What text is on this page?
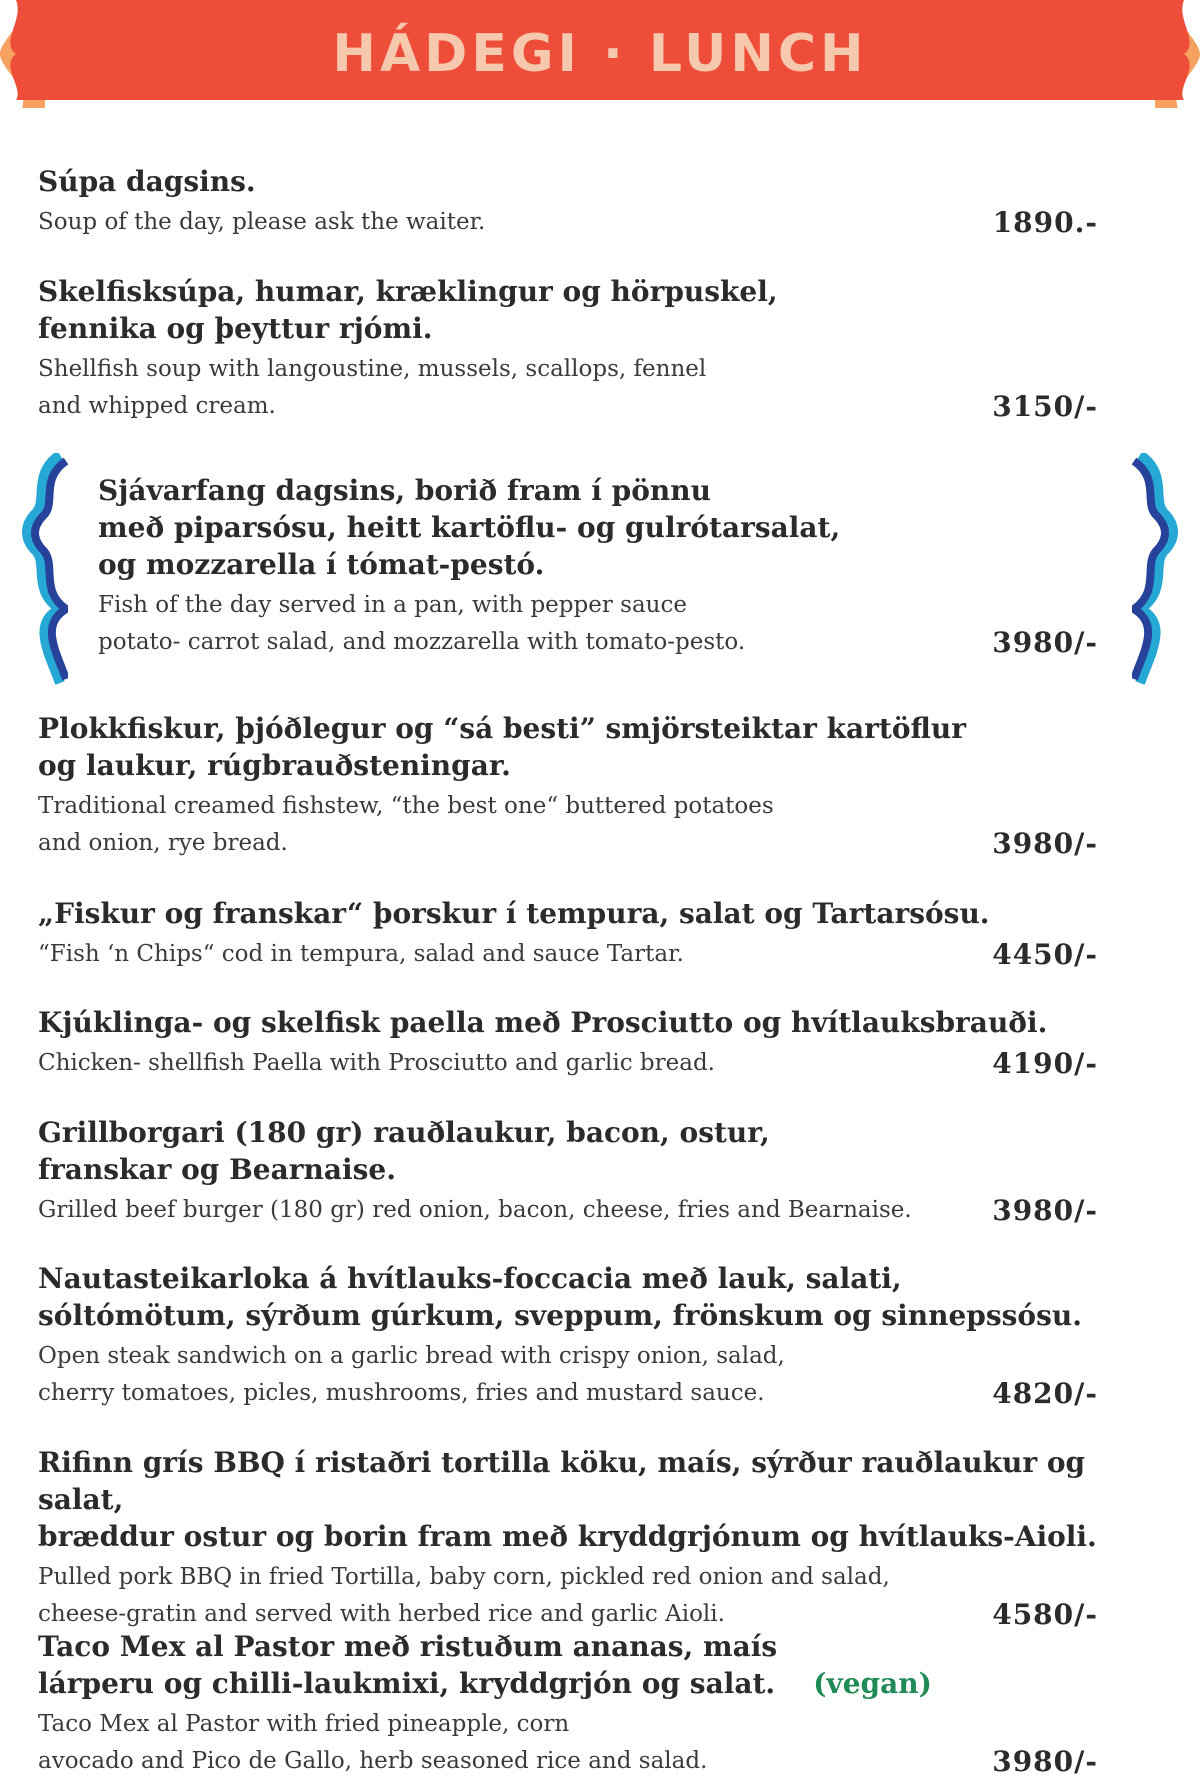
HÁDEGI · LUNCH
Súpa dagsins.
Soup of the day, please ask the waiter.	1890.-
Skelfisksúpa, humar, kræklingur og hörpuskel,
fennika og þeyttur rjómi.
Shellfish soup with langoustine, mussels, scallops, fennel
and whipped cream.	3150/-
Sjávarfang dagsins, borið fram í pönnu
með piparsósu, heitt kartöflu- og gulrótarsalat,
og mozzarella í tómat-pestó.
Fish of the day served in a pan, with pepper sauce
potato- carrot salad, and mozzarella with tomato-pesto.	3980/-
Plokkfiskur, þjóðlegur og “sá besti” smjörsteiktar kartöflur
og laukur, rúgbrauðsteningar.
Traditional creamed fishstew, “the best one“ buttered potatoes
and onion, rye bread.	3980/-
„Fiskur og franskar“ þorskur í tempura, salat og Tartarsósu.
“Fish ‘n Chips“ cod in tempura, salad and sauce Tartar.	4450/-
Kjúklinga- og skelfisk paella með Prosciutto og hvítlauksbrauði.
Chicken- shellfish Paella with Prosciutto and garlic bread.	4190/-
Grillborgari (180 gr) rauðlaukur, bacon, ostur,
franskar og Bearnaise.
Grilled beef burger (180 gr) red onion, bacon, cheese, fries and Bearnaise.	3980/-
Nautasteikarloka á hvítlauks-foccacia með lauk, salati,
sóltómötum, sýrðum gúrkum, sveppum, frönskum og sinnepssósu.
Open steak sandwich on a garlic bread with crispy onion, salad,
cherry tomatoes, picles, mushrooms, fries and mustard sauce.	4820/-
Rifinn grís BBQ í ristaðri tortilla köku, maís, sýrður rauðlaukur og salat,
bræddur ostur og borin fram með kryddgrjónum og hvítlauks-Aioli.
Pulled pork BBQ in fried Tortilla, baby corn, pickled red onion and salad,
cheese-gratin and served with herbed rice and garlic Aioli.	4580/-
Taco Mex al Pastor með ristuðum ananas, maís
lárperu og chilli-laukmixi, kryddgrjón og salat. (vegan)
Taco Mex al Pastor with fried pineapple, corn
avocado and Pico de Gallo, herb seasoned rice and salad.	3980/-
